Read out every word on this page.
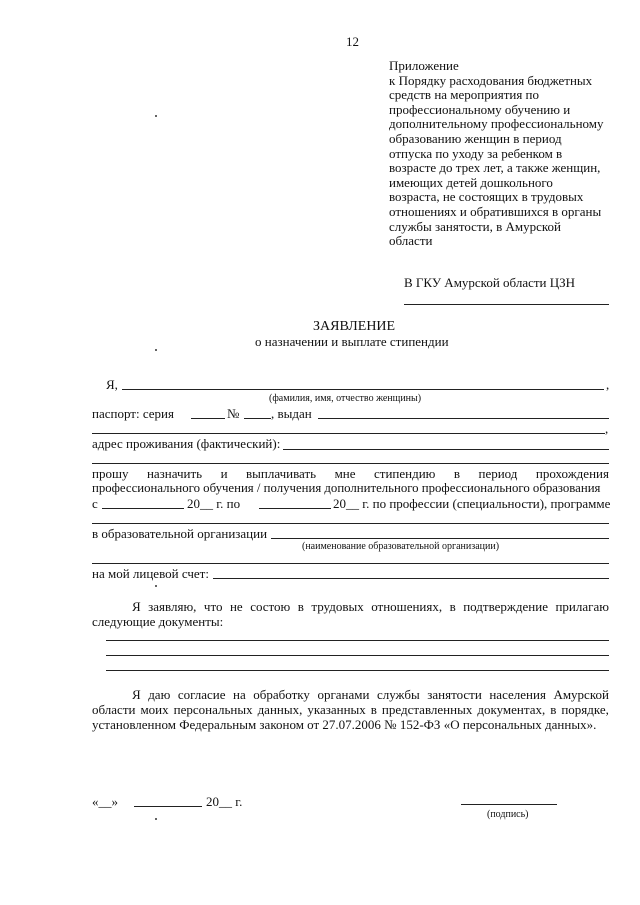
12
Приложение
к Порядку расходования бюджетных
средств на мероприятия по
профессиональному обучению и
дополнительному профессиональному
образованию женщин в период
отпуска по уходу за ребенком в
возрасте до трех лет, а также женщин,
имеющих детей дошкольного
возраста, не состоящих в трудовых
отношениях и обратившихся в органы
службы занятости, в Амурской
области
В ГКУ Амурской области ЦЗН
ЗАЯВЛЕНИЕ
о назначении и выплате стипендии
Я,	,
(фамилия, имя, отчество женщины)
паспорт: серия	№ , выдан
,
адрес проживания (фактический):
прошу назначить и выплачивать мне стипендию в период прохождения
профессионального обучения / получения дополнительного профессионального образования
с	20__ г. по	20__ г. по профессии (специальности), программе
в образовательной организации
(наименование образовательной организации)
на мой лицевой счет:
Я заявляю, что не состою в трудовых отношениях, в подтверждение прилагаю
следующие документы:
Я даю согласие на обработку органами службы занятости населения Амурской
области моих персональных данных, указанных в представленных документах, в порядке,
установленном Федеральным законом от 27.07.2006 № 152-ФЗ «О персональных данных».
«__»	20__ г.
(подпись)
